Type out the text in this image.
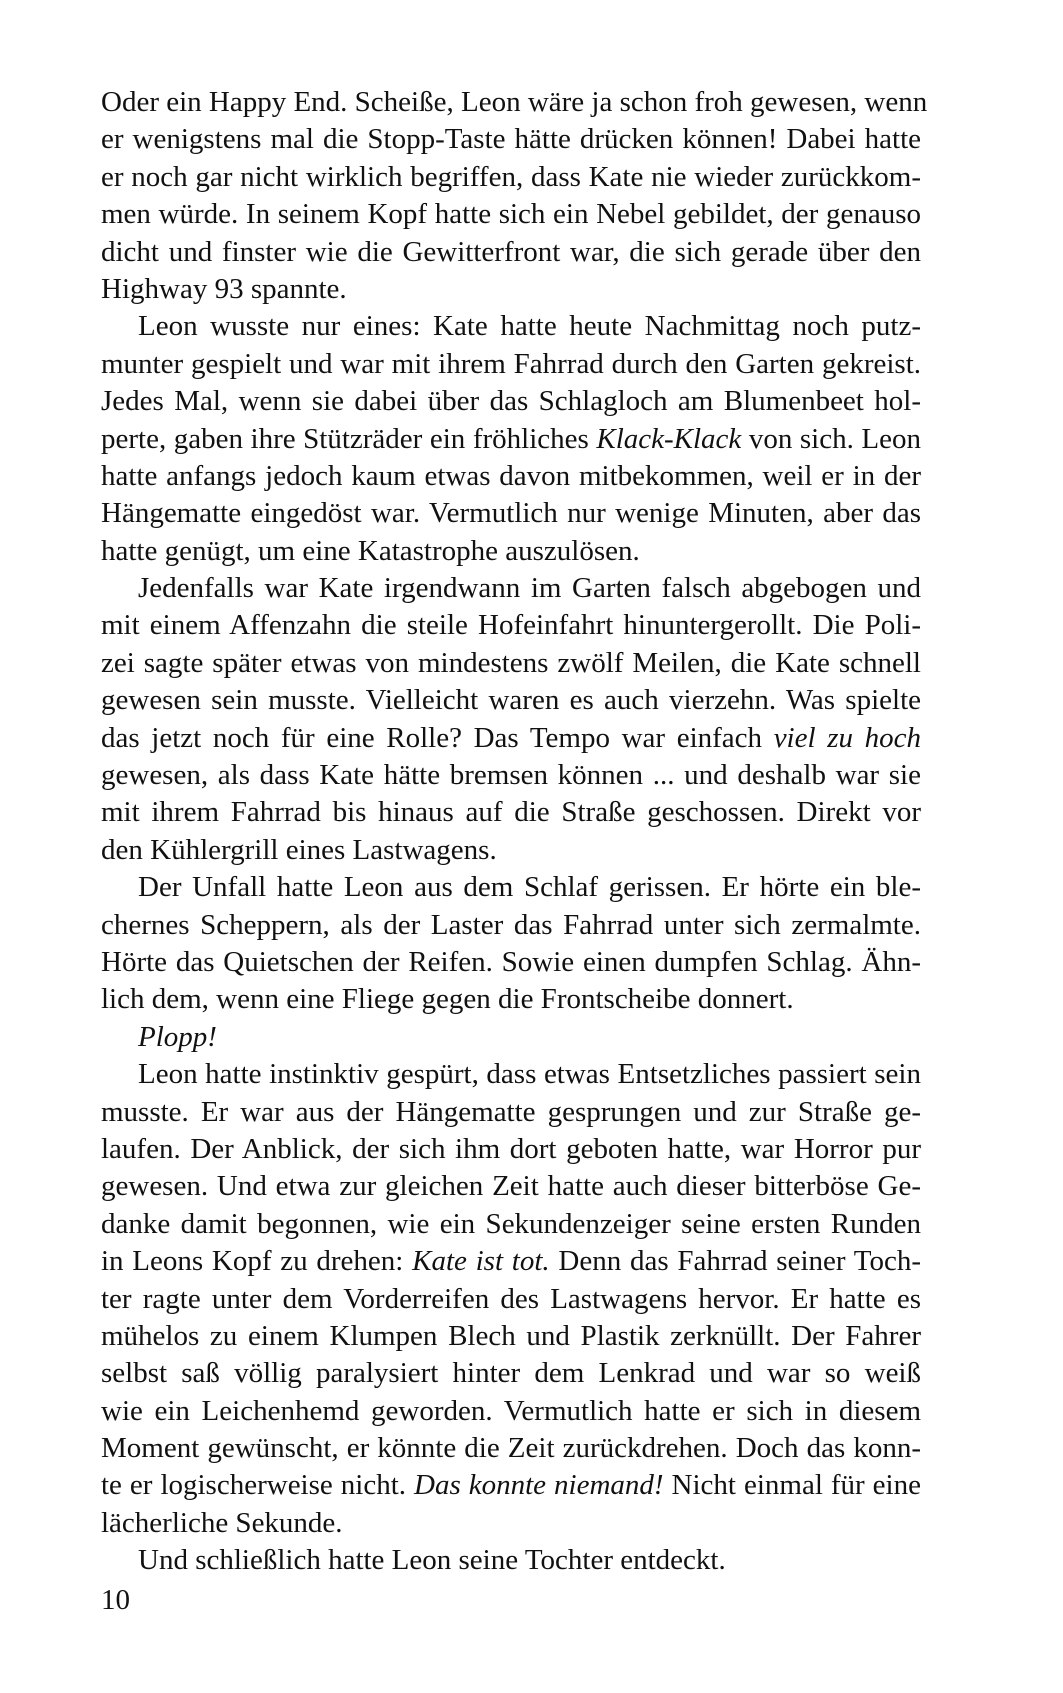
Oder ein Happy End. Scheiße, Leon wäre ja schon froh gewesen, wenn
er wenigstens mal die Stopp-Taste hätte drücken können! Dabei hatte
er noch gar nicht wirklich begriffen, dass Kate nie wieder zurückkom-
men würde. In seinem Kopf hatte sich ein Nebel gebildet, der genauso
dicht und finster wie die Gewitterfront war, die sich gerade über den
Highway 93 spannte.
Leon wusste nur eines: Kate hatte heute Nachmittag noch putz-
munter gespielt und war mit ihrem Fahrrad durch den Garten gekreist.
Jedes Mal, wenn sie dabei über das Schlagloch am Blumenbeet hol-
perte, gaben ihre Stützräder ein fröhliches Klack-Klack von sich. Leon
hatte anfangs jedoch kaum etwas davon mitbekommen, weil er in der
Hängematte eingedöst war. Vermutlich nur wenige Minuten, aber das
hatte genügt, um eine Katastrophe auszulösen.
Jedenfalls war Kate irgendwann im Garten falsch abgebogen und
mit einem Affenzahn die steile Hofeinfahrt hinuntergerollt. Die Poli-
zei sagte später etwas von mindestens zwölf Meilen, die Kate schnell
gewesen sein musste. Vielleicht waren es auch vierzehn. Was spielte
das jetzt noch für eine Rolle? Das Tempo war einfach viel zu hoch
gewesen, als dass Kate hätte bremsen können ... und deshalb war sie
mit ihrem Fahrrad bis hinaus auf die Straße geschossen. Direkt vor
den Kühlergrill eines Lastwagens.
Der Unfall hatte Leon aus dem Schlaf gerissen. Er hörte ein ble-
chernes Scheppern, als der Laster das Fahrrad unter sich zermalmte.
Hörte das Quietschen der Reifen. Sowie einen dumpfen Schlag. Ähn-
lich dem, wenn eine Fliege gegen die Frontscheibe donnert.
Plopp!
Leon hatte instinktiv gespürt, dass etwas Entsetzliches passiert sein
musste. Er war aus der Hängematte gesprungen und zur Straße ge-
laufen. Der Anblick, der sich ihm dort geboten hatte, war Horror pur
gewesen. Und etwa zur gleichen Zeit hatte auch dieser bitterböse Ge-
danke damit begonnen, wie ein Sekundenzeiger seine ersten Runden
in Leons Kopf zu drehen: Kate ist tot. Denn das Fahrrad seiner Toch-
ter ragte unter dem Vorderreifen des Lastwagens hervor. Er hatte es
mühelos zu einem Klumpen Blech und Plastik zerknüllt. Der Fahrer
selbst saß völlig paralysiert hinter dem Lenkrad und war so weiß
wie ein Leichenhemd geworden. Vermutlich hatte er sich in diesem
Moment gewünscht, er könnte die Zeit zurückdrehen. Doch das konn-
te er logischerweise nicht. Das konnte niemand! Nicht einmal für eine
lächerliche Sekunde.
Und schließlich hatte Leon seine Tochter entdeckt.
10
